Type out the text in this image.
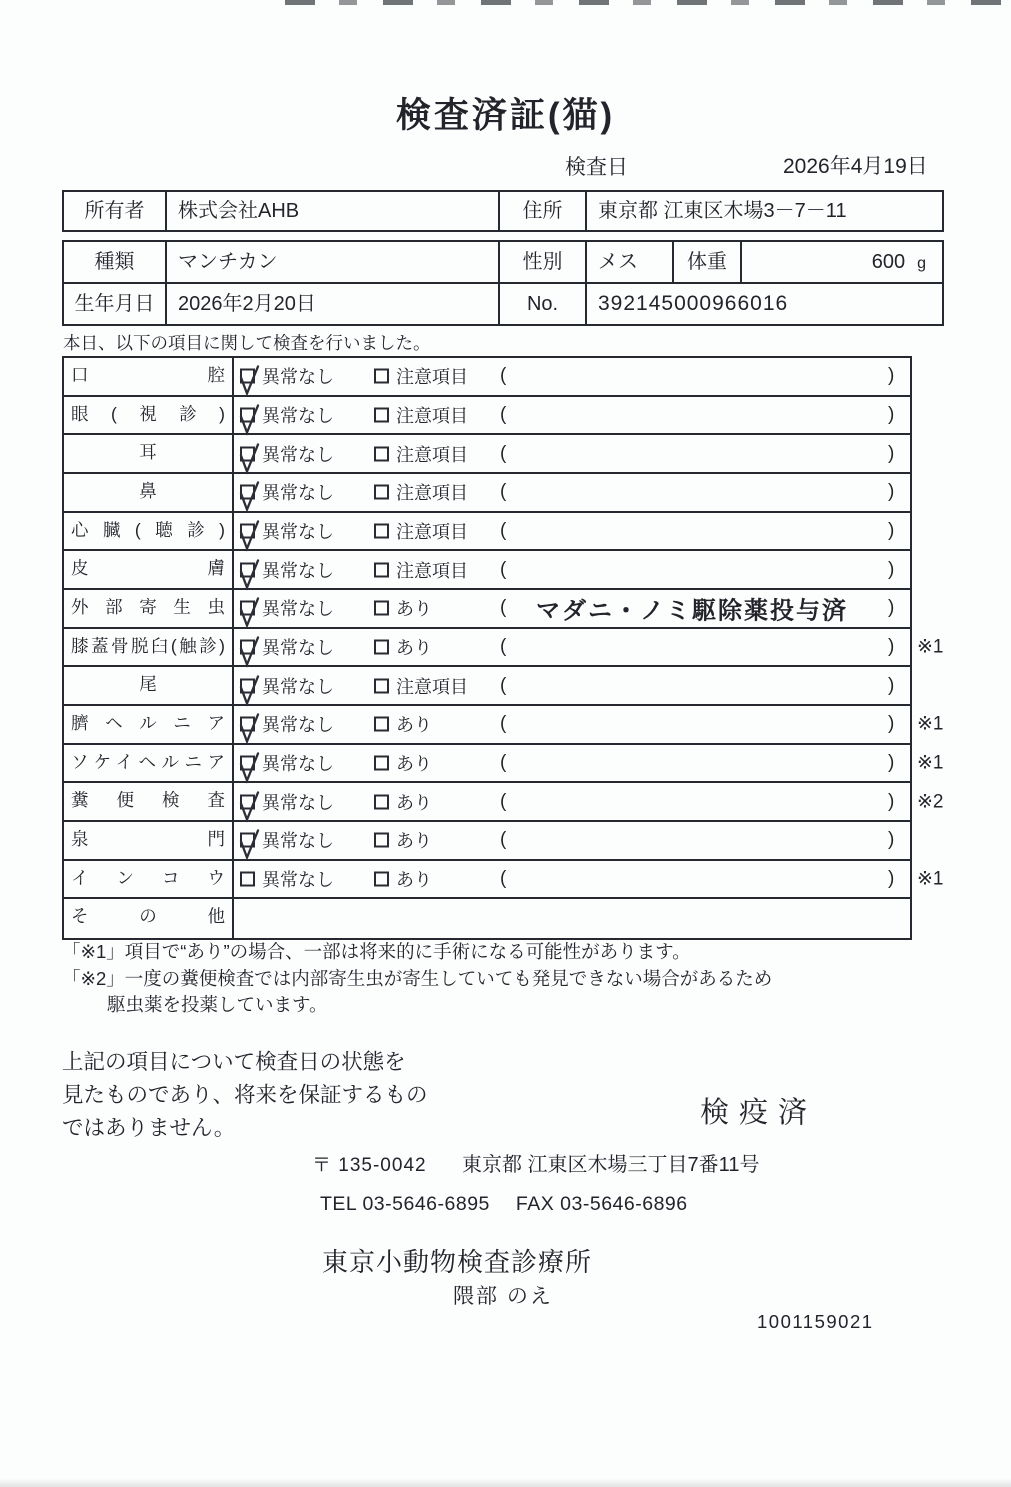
検査済証(猫)
検査日	2026年4月19日
所有者	株式会社AHB	住所	東京都 江東区木場3－7－11
種類	マンチカン	性別	メス	体重	600 g
生年月日	2026年2月20日	No.	392145000966016
本日、以下の項目に関して検査を行いました。
口腔	異常なし	注意項目 (	)
眼(視診)	異常なし	注意項目 (	)
耳	異常なし	注意項目 (	)
鼻	異常なし	注意項目 (	)
心臓(聴診)	異常なし	注意項目 (	)
皮膚	異常なし	注意項目 (	)
外部寄生虫	異常なし	あり	(	マダニ・ノミ駆除薬投与済	)
膝蓋骨脱臼(触診)	異常なし	あり	(	) ※1
尾	異常なし	注意項目 (	)
臍ヘルニア	異常なし	あり	(	) ※1
ソケイヘルニア	異常なし	あり	(	) ※1
糞便検査	異常なし	あり	(	) ※2
泉門	異常なし	あり	(	)
インコウ	異常なし	あり	(	) ※1
その他
「※1」項目で“あり”の場合、一部は将来的に手術になる可能性があります。
「※2」一度の糞便検査では内部寄生虫が寄生していても発見できない場合があるため
駆虫薬を投薬しています。
上記の項目について検査日の状態を
見たものであり、将来を保証するもの
ではありません。	検疫済
〒 135-0042 東京都 江東区木場三丁目7番11号
TEL 03-5646-6895 FAX 03-5646-6896
東京小動物検査診療所
隈部 のえ
1001159021
